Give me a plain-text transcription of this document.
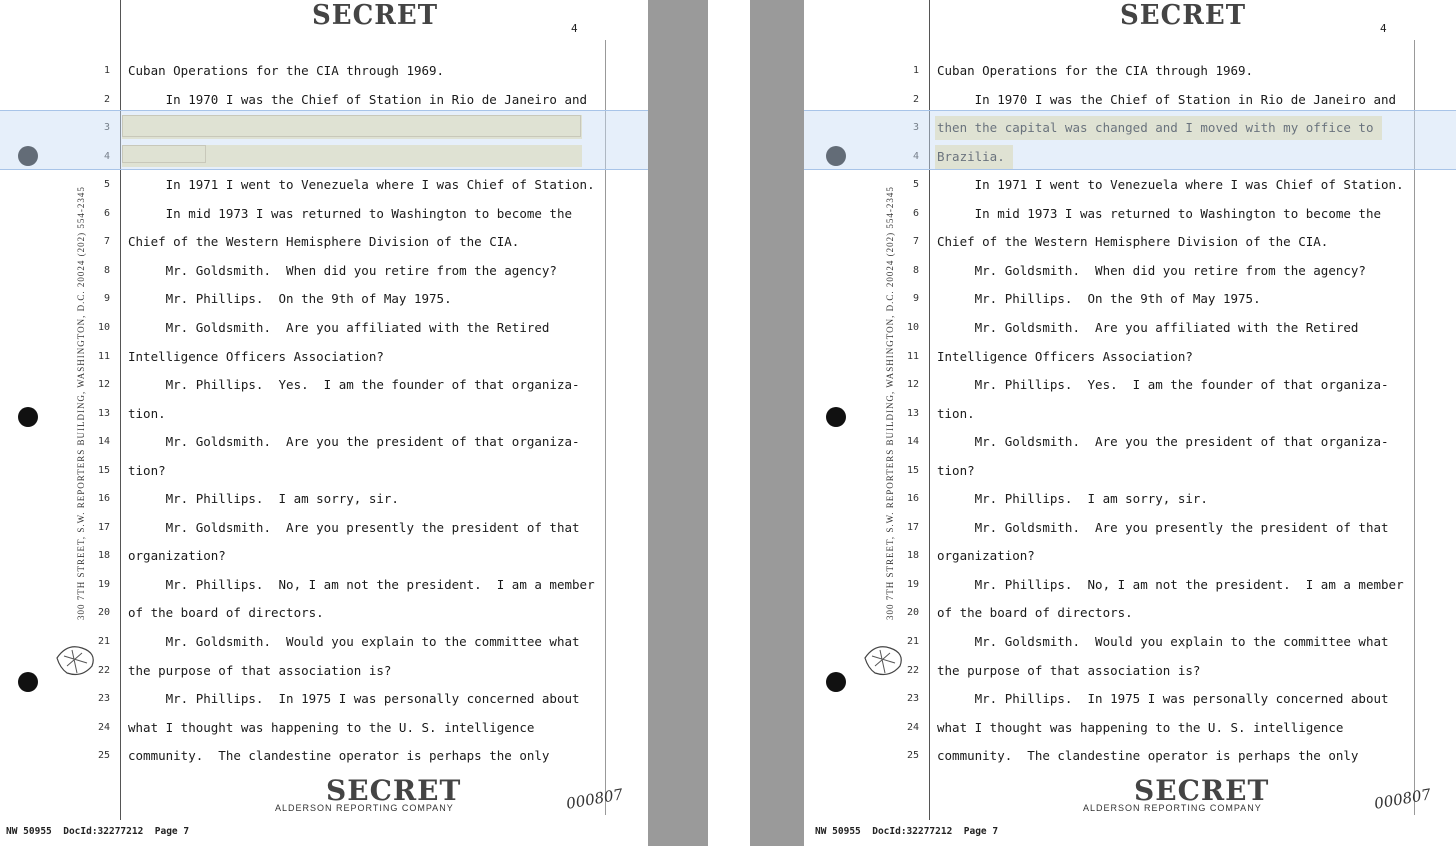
SECRET	4
300 7TH STREET, S.W. REPORTERS BUILDING, WASHINGTON, D.C. 20024 (202) 554-2345
SECRET
ALDERSON REPORTING COMPANY	000807
NW 50955 DocId:32277212 Page 7
1 Cuban Operations for the CIA through 1969.
2 In 1970 I was the Chief of Station in Rio de Janeiro and
3
4
5 In 1971 I went to Venezuela where I was Chief of Station.
6 In mid 1973 I was returned to Washington to become the
7 Chief of the Western Hemisphere Division of the CIA.
8 Mr. Goldsmith.  When did you retire from the agency?
9 Mr. Phillips.  On the 9th of May 1975.
10 Mr. Goldsmith.  Are you affiliated with the Retired
11 Intelligence Officers Association?
12 Mr. Phillips.  Yes.  I am the founder of that organiza-
13 tion.
14 Mr. Goldsmith.  Are you the president of that organiza-
15 tion?
16 Mr. Phillips.  I am sorry, sir.
17 Mr. Goldsmith.  Are you presently the president of that
18 organization?
19 Mr. Phillips.  No, I am not the president.  I am a member
20 of the board of directors.
21 Mr. Goldsmith.  Would you explain to the committee what
22 the purpose of that association is?
23 Mr. Phillips.  In 1975 I was personally concerned about
24 what I thought was happening to the U. S. intelligence
25 community.  The clandestine operator is perhaps the only
SECRET	4
300 7TH STREET, S.W. REPORTERS BUILDING, WASHINGTON, D.C. 20024 (202) 554-2345
SECRET
ALDERSON REPORTING COMPANY	000807
NW 50955 DocId:32277212 Page 7
1 Cuban Operations for the CIA through 1969.
2 In 1970 I was the Chief of Station in Rio de Janeiro and
3 then the capital was changed and I moved with my office to
4 Brazilia.
5 In 1971 I went to Venezuela where I was Chief of Station.
6 In mid 1973 I was returned to Washington to become the
7 Chief of the Western Hemisphere Division of the CIA.
8 Mr. Goldsmith.  When did you retire from the agency?
9 Mr. Phillips.  On the 9th of May 1975.
10 Mr. Goldsmith.  Are you affiliated with the Retired
11 Intelligence Officers Association?
12 Mr. Phillips.  Yes.  I am the founder of that organiza-
13 tion.
14 Mr. Goldsmith.  Are you the president of that organiza-
15 tion?
16 Mr. Phillips.  I am sorry, sir.
17 Mr. Goldsmith.  Are you presently the president of that
18 organization?
19 Mr. Phillips.  No, I am not the president.  I am a member
20 of the board of directors.
21 Mr. Goldsmith.  Would you explain to the committee what
22 the purpose of that association is?
23 Mr. Phillips.  In 1975 I was personally concerned about
24 what I thought was happening to the U. S. intelligence
25 community.  The clandestine operator is perhaps the only
